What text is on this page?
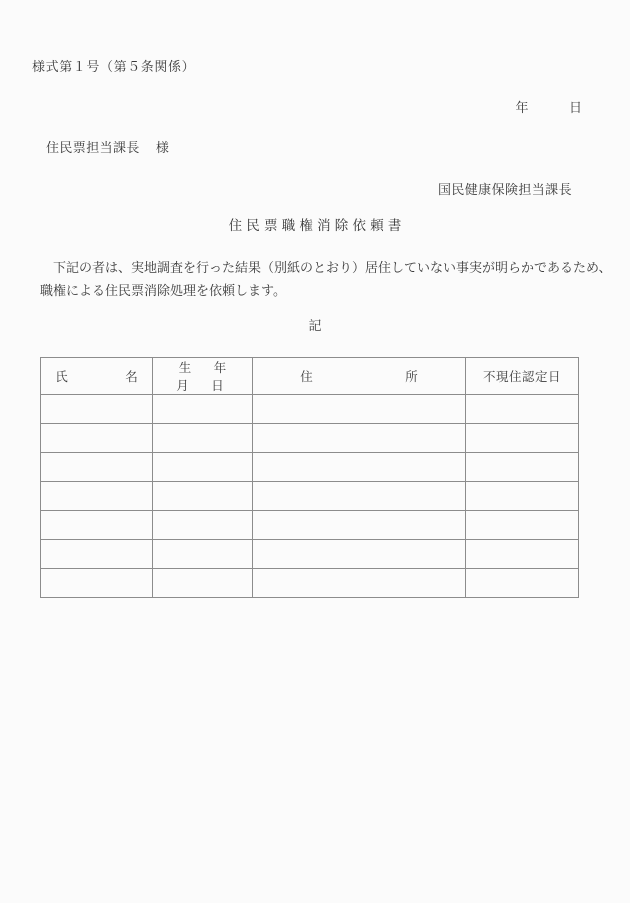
様式第１号（第５条関係）
年	日
住民票担当課長 様
国民健康保険担当課長
住民票職権消除依頼書
下記の者は、実地調査を行った結果（別紙のとおり）居住していない事実が明らかであるため、
職権による住民票消除処理を依頼します。
記
氏　　　名	生　年　月　日	住　　　　　所	不現住認定日
